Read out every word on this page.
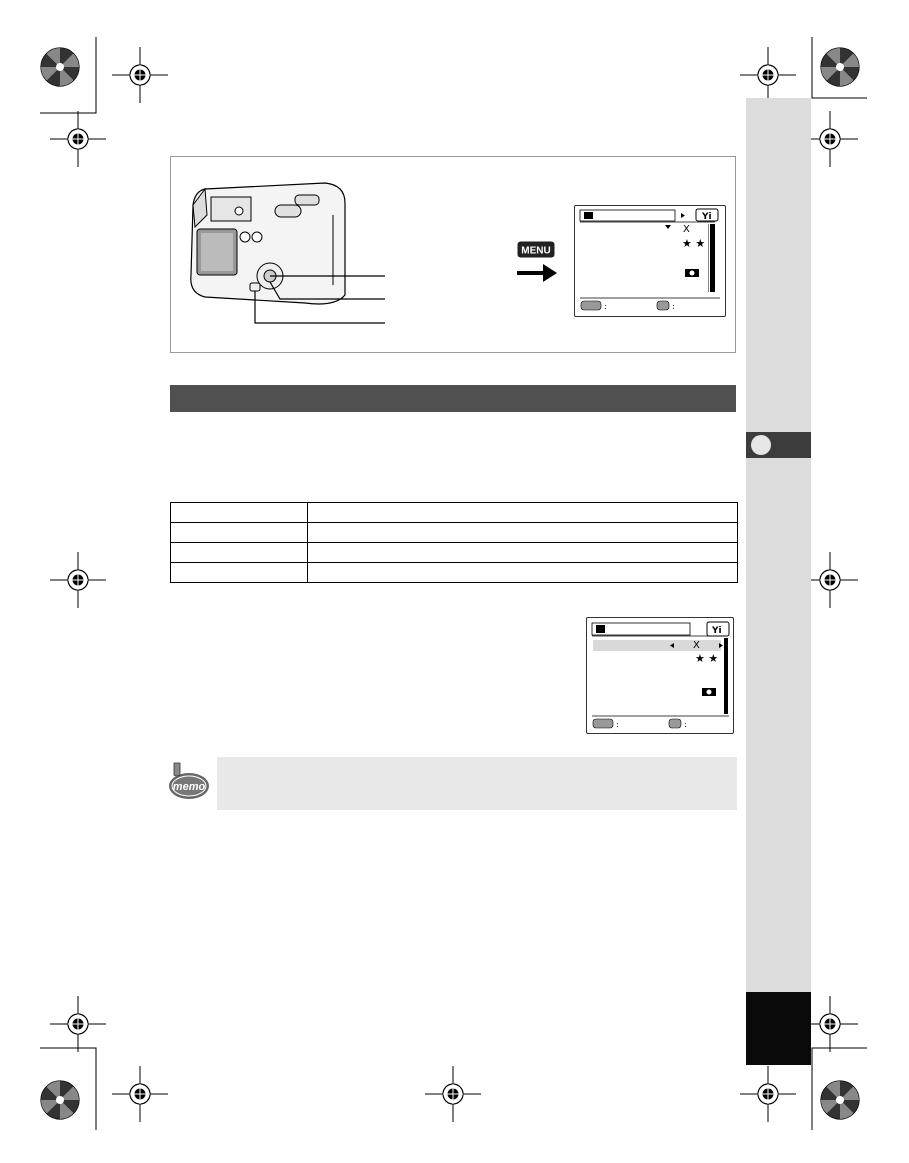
MENU
Yi
:	:
X
★ ★

Yi
:	:
X
★ ★
memo
